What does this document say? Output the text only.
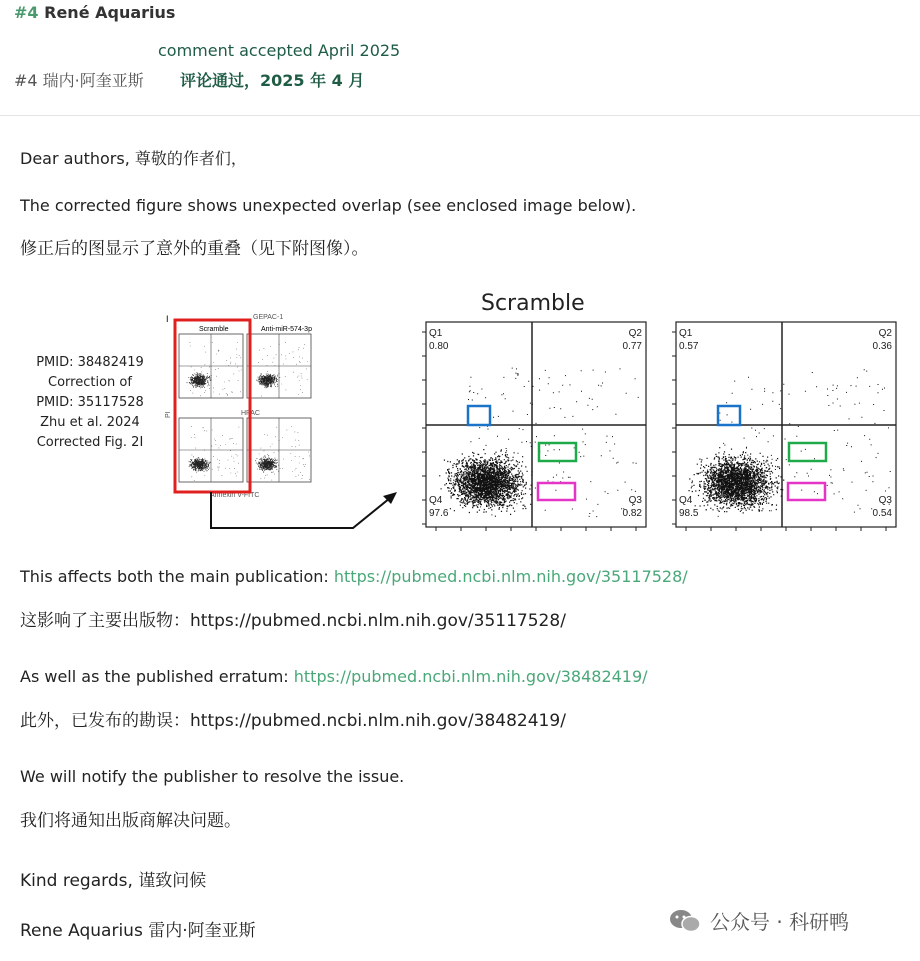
#4 René Aquarius
comment accepted April 2025
#4 瑞内·阿奎亚斯 评论通过，2025 年 4 月
Dear authors, 尊敬的作者们，
The corrected figure shows unexpected overlap (see enclosed image below).
修正后的图显示了意外的重叠（见下附图像）。
PMID: 38482419
Correction of
PMID: 35117528
Zhu et al. 2024
Corrected Fig. 2I
I	GEPAC-1
Scramble	Anti-miR-574-3p
HPAC
PI
Annexin V-FITC
Scramble
Q1
0.80
Q2
0.77
Q3
0.82
Q4
97.6
Q1
0.57
Q2
0.36
Q3
0.54
Q4
98.5
This affects both the main publication: https://pubmed.ncbi.nlm.nih.gov/35117528/
这影响了主要出版物：https://pubmed.ncbi.nlm.nih.gov/35117528/
As well as the published erratum: https://pubmed.ncbi.nlm.nih.gov/38482419/
此外，已发布的勘误：https://pubmed.ncbi.nlm.nih.gov/38482419/
We will notify the publisher to resolve the issue.
我们将通知出版商解决问题。
Kind regards, 谨致问候
Rene Aquarius 雷内·阿奎亚斯	公众号 · 科研鸭
